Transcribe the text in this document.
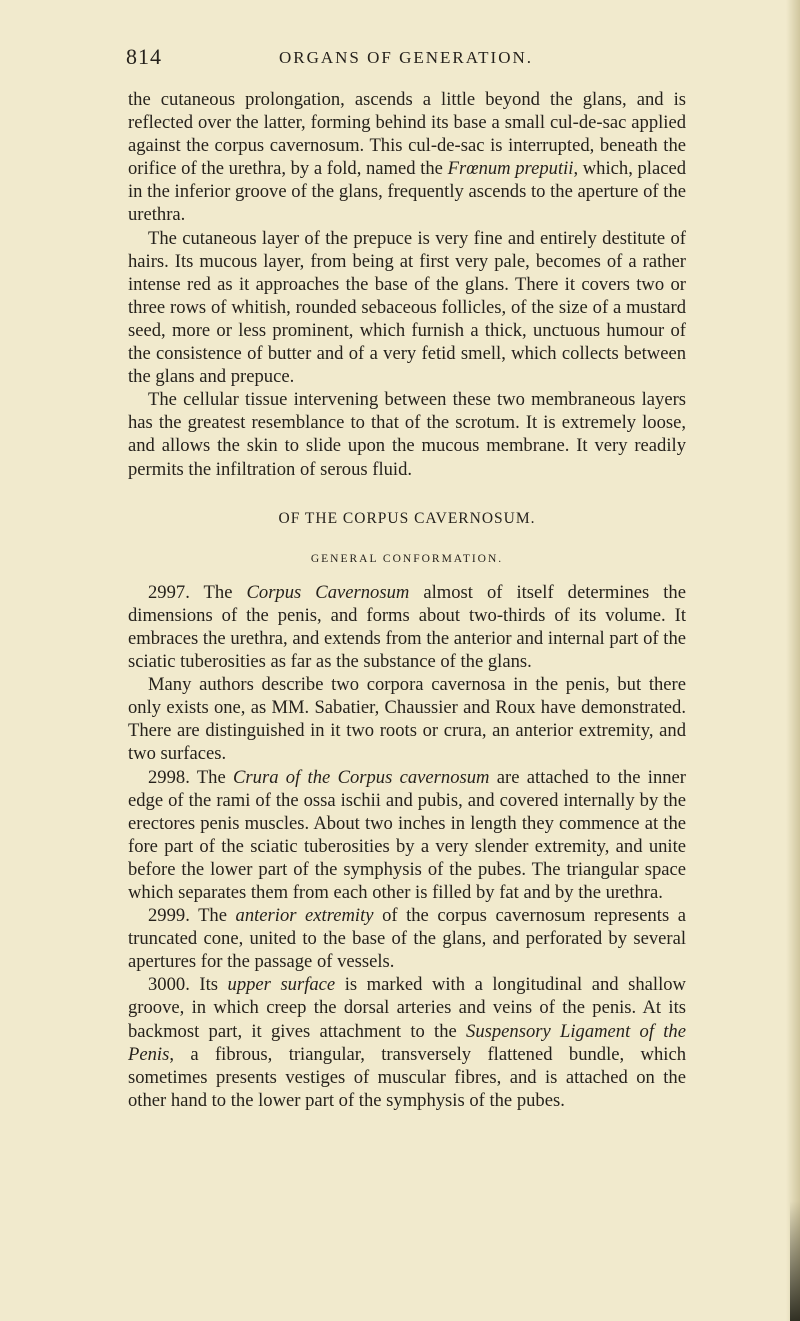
814	ORGANS OF GENERATION.

the cutaneous prolongation, ascends a little beyond the glans, and is reflected over the latter, forming behind its base a small cul-de-sac applied against the corpus cavernosum. This cul-de-sac is interrupted, beneath the orifice of the urethra, by a fold, named the Frœnum preputii, which, placed in the inferior groove of the glans, frequently ascends to the aperture of the urethra.

The cutaneous layer of the prepuce is very fine and entirely destitute of hairs. Its mucous layer, from being at first very pale, becomes of a rather intense red as it approaches the base of the glans. There it covers two or three rows of whitish, rounded sebaceous follicles, of the size of a mustard seed, more or less prominent, which furnish a thick, unctuous humour of the consistence of butter and of a very fetid smell, which collects between the glans and prepuce.

The cellular tissue intervening between these two membraneous layers has the greatest resemblance to that of the scrotum. It is extremely loose, and allows the skin to slide upon the mucous membrane. It very readily permits the infiltration of serous fluid.

OF THE CORPUS CAVERNOSUM.
GENERAL CONFORMATION.

2997. The Corpus Cavernosum almost of itself determines the dimensions of the penis, and forms about two-thirds of its volume. It embraces the urethra, and extends from the anterior and internal part of the sciatic tuberosities as far as the substance of the glans.

Many authors describe two corpora cavernosa in the penis, but there only exists one, as MM. Sabatier, Chaussier and Roux have demonstrated. There are distinguished in it two roots or crura, an anterior extremity, and two surfaces.

2998. The Crura of the Corpus cavernosum are attached to the inner edge of the rami of the ossa ischii and pubis, and covered internally by the erectores penis muscles. About two inches in length they commence at the fore part of the sciatic tuberosities by a very slender extremity, and unite before the lower part of the symphysis of the pubes. The triangular space which separates them from each other is filled by fat and by the urethra.

2999. The anterior extremity of the corpus cavernosum represents a truncated cone, united to the base of the glans, and perforated by several apertures for the passage of vessels.

3000. Its upper surface is marked with a longitudinal and shallow groove, in which creep the dorsal arteries and veins of the penis. At its backmost part, it gives attachment to the Suspensory Ligament of the Penis, a fibrous, triangular, transversely flattened bundle, which sometimes presents vestiges of muscular fibres, and is attached on the other hand to the lower part of the symphysis of the pubes.
